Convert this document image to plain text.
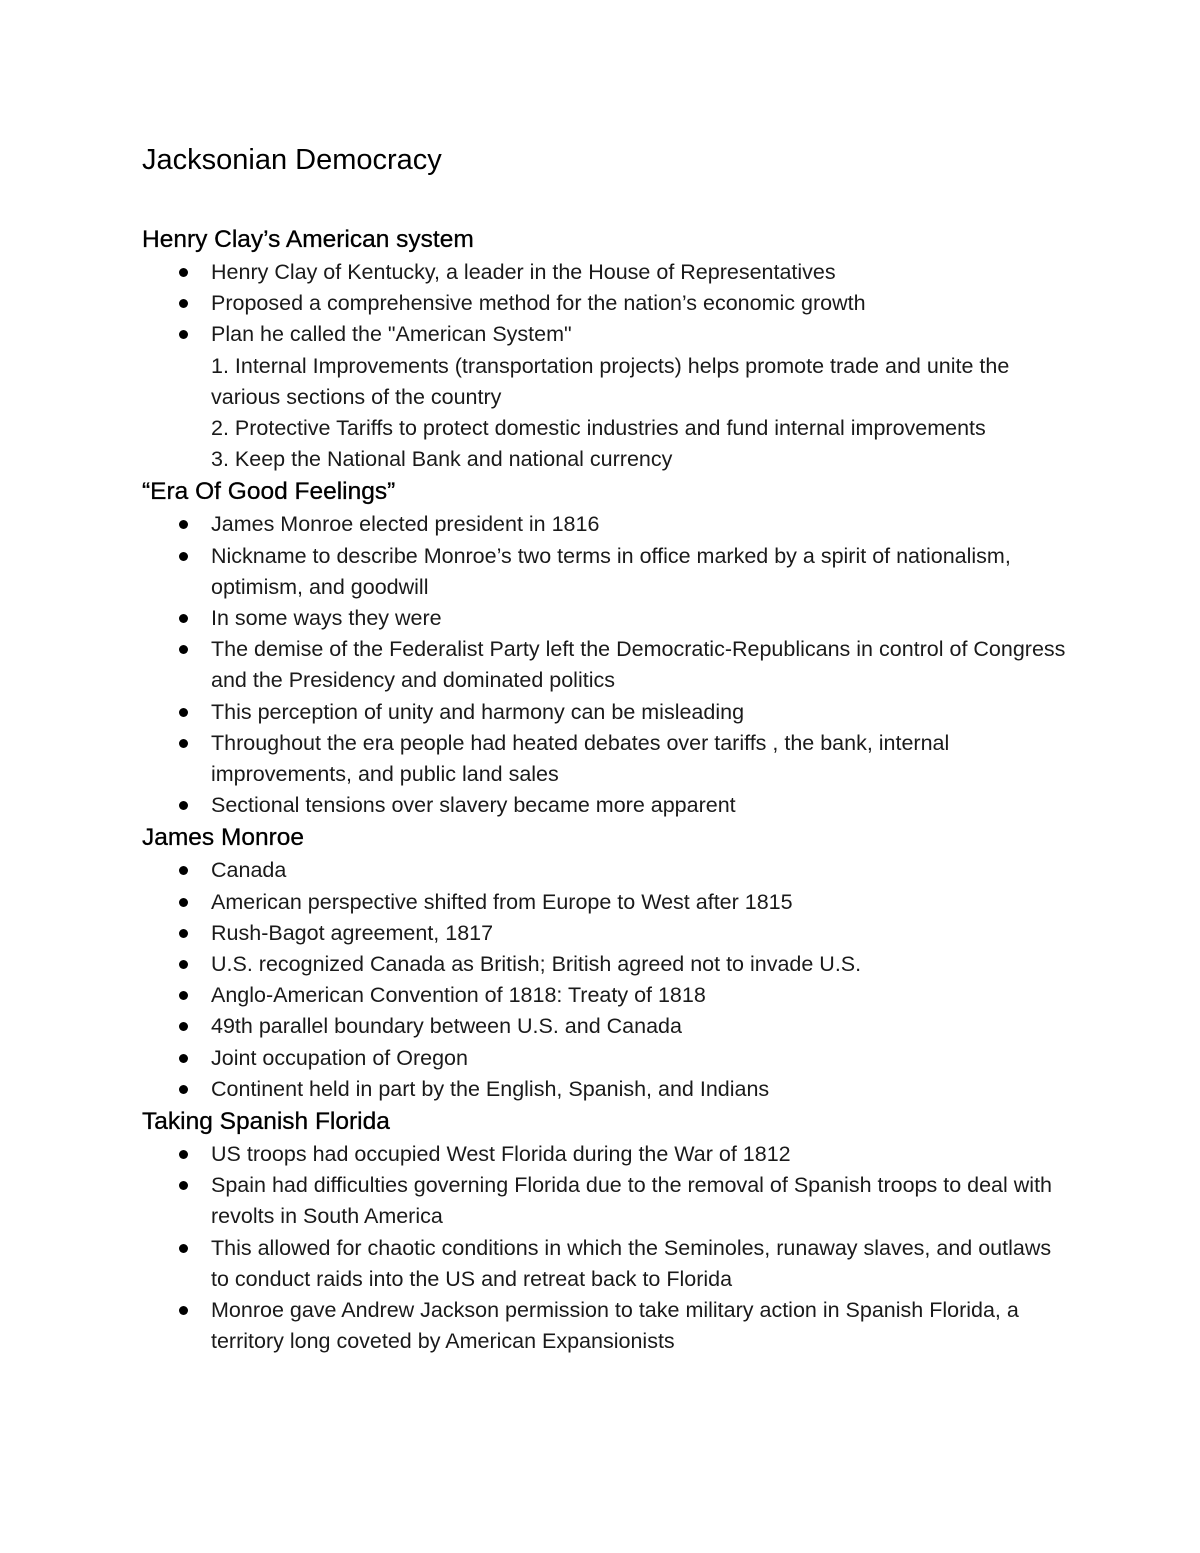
Jacksonian Democracy
Henry Clay’s American system
Henry Clay of Kentucky, a leader in the House of Representatives
Proposed a comprehensive method for the nation’s economic growth
Plan he called the "American System"
1. Internal Improvements (transportation projects) helps promote trade and unite the various sections of the country
2. Protective Tariffs to protect domestic industries and fund internal improvements
3. Keep the National Bank and national currency
“Era Of Good Feelings”
James Monroe elected president in 1816
Nickname to describe Monroe’s two terms in office marked by a spirit of nationalism, optimism, and goodwill
In some ways they were
The demise of the Federalist Party left the Democratic-Republicans in control of Congress and the Presidency and dominated politics
This perception of unity and harmony can be misleading
Throughout the era people had heated debates over tariffs , the bank, internal improvements, and public land sales
Sectional tensions over slavery became more apparent
James Monroe
Canada
American perspective shifted from Europe to West after 1815
Rush-Bagot agreement, 1817
U.S. recognized Canada as British; British agreed not to invade U.S.
Anglo-American Convention of 1818: Treaty of 1818
49th parallel boundary between U.S. and Canada
Joint occupation of Oregon
Continent held in part by the English, Spanish, and Indians
Taking Spanish Florida
US troops had occupied West Florida during the War of 1812
Spain had difficulties governing Florida due to the removal of Spanish troops to deal with revolts in South America
This allowed for chaotic conditions in which the Seminoles, runaway slaves, and outlaws to conduct raids into the US and retreat back to Florida
Monroe gave Andrew Jackson permission to take military action in Spanish Florida, a territory long coveted by American Expansionists
